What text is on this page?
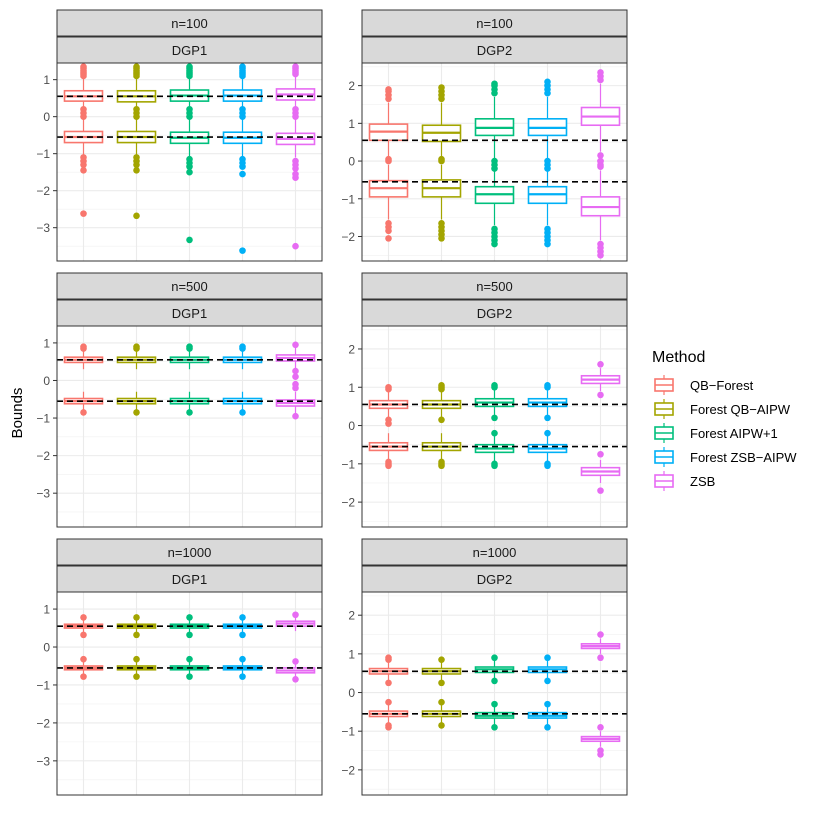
n=100
DGP1
1
0
−1
−2
−3
n=100
DGP2
2
1
0
−1
−2
n=500
DGP1
1
0
−1
−2
−3
n=500
DGP2
2
1
0
−1
−2
n=1000
DGP1
1
0
−1
−2
−3
n=1000
DGP2
2
1
0
−1
−2
Bounds
Method
QB−Forest
Forest QB−AIPW
Forest AIPW+1
Forest ZSB−AIPW
ZSB
